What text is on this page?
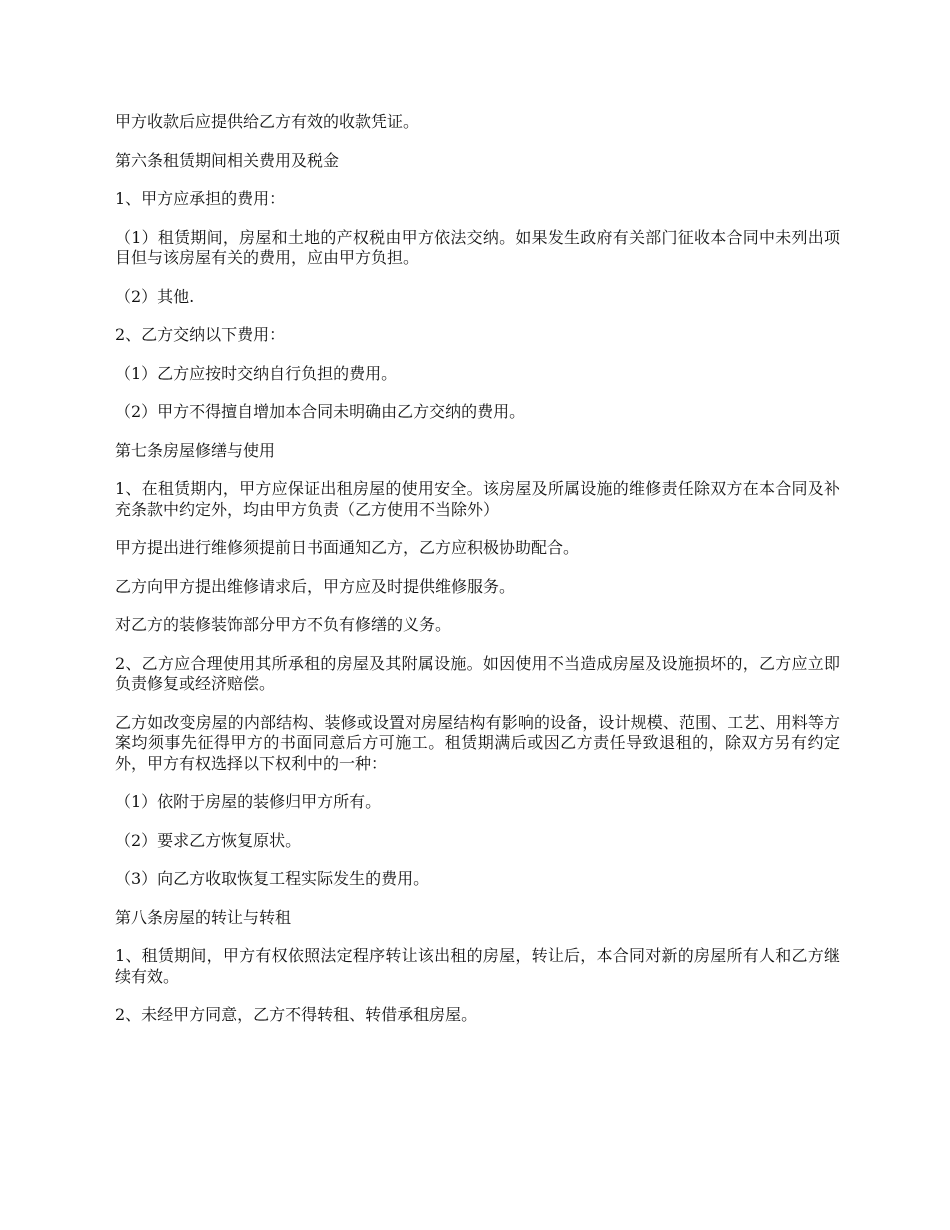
甲方收款后应提供给乙方有效的收款凭证。

第六条租赁期间相关费用及税金

1、甲方应承担的费用：

（1）租赁期间，房屋和土地的产权税由甲方依法交纳。如果发生政府有关部门征收本合同中未列出项目但与该房屋有关的费用，应由甲方负担。

（2）其他.

2、乙方交纳以下费用：

（1）乙方应按时交纳自行负担的费用。

（2）甲方不得擅自增加本合同未明确由乙方交纳的费用。

第七条房屋修缮与使用

1、在租赁期内，甲方应保证出租房屋的使用安全。该房屋及所属设施的维修责任除双方在本合同及补充条款中约定外，均由甲方负责（乙方使用不当除外）

甲方提出进行维修须提前日书面通知乙方，乙方应积极协助配合。

乙方向甲方提出维修请求后，甲方应及时提供维修服务。

对乙方的装修装饰部分甲方不负有修缮的义务。

2、乙方应合理使用其所承租的房屋及其附属设施。如因使用不当造成房屋及设施损坏的，乙方应立即负责修复或经济赔偿。

乙方如改变房屋的内部结构、装修或设置对房屋结构有影响的设备，设计规模、范围、工艺、用料等方案均须事先征得甲方的书面同意后方可施工。租赁期满后或因乙方责任导致退租的，除双方另有约定外，甲方有权选择以下权利中的一种：

（1）依附于房屋的装修归甲方所有。

（2）要求乙方恢复原状。

（3）向乙方收取恢复工程实际发生的费用。

第八条房屋的转让与转租

1、租赁期间，甲方有权依照法定程序转让该出租的房屋，转让后，本合同对新的房屋所有人和乙方继续有效。

2、未经甲方同意，乙方不得转租、转借承租房屋。
